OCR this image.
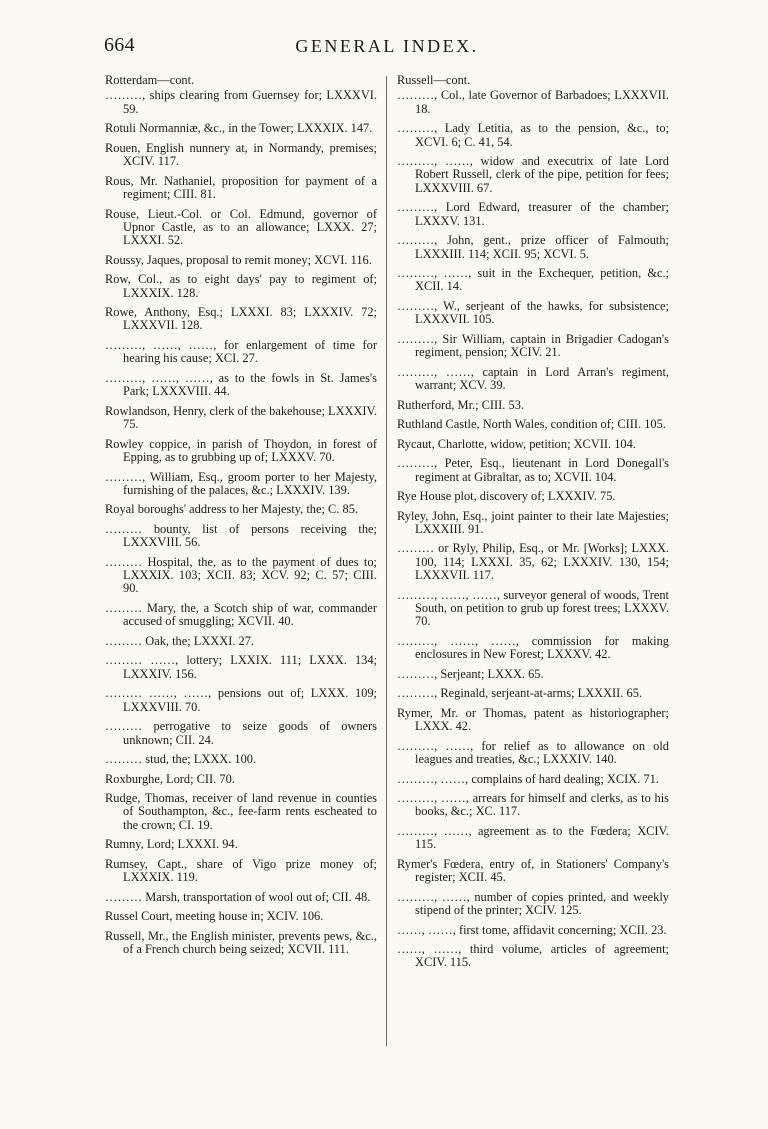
664	GENERAL INDEX.

Rotterdam—cont.

………, ships clearing from Guernsey for; LXXXVI. 59.

Rotuli Normanniæ, &c., in the Tower; LXXXIX. 147.

Rouen, English nunnery at, in Normandy, premises; XCIV. 117.

Rous, Mr. Nathaniel, proposition for payment of a regiment; CIII. 81.

Rouse, Lieut.-Col. or Col. Edmund, governor of Upnor Castle, as to an allowance; LXXX. 27; LXXXI. 52.

Roussy, Jaques, proposal to remit money; XCVI. 116.

Row, Col., as to eight days' pay to regiment of; LXXXIX. 128.

Rowe, Anthony, Esq.; LXXXI. 83; LXXXIV. 72; LXXXVII. 128.

………, ……, ……, for enlargement of time for hearing his cause; XCI. 27.

………, ……, ……, as to the fowls in St. James's Park; LXXXVIII. 44.

Rowlandson, Henry, clerk of the bakehouse; LXXXIV. 75.

Rowley coppice, in parish of Thoydon, in forest of Epping, as to grubbing up of; LXXXV. 70.

………, William, Esq., groom porter to her Majesty, furnishing of the palaces, &c.; LXXXIV. 139.

Royal boroughs' address to her Majesty, the; C. 85.

……… bounty, list of persons receiving the; LXXXVIII. 56.

……… Hospital, the, as to the payment of dues to; LXXXIX. 103; XCII. 83; XCV. 92; C. 57; CIII. 90.

……… Mary, the, a Scotch ship of war, commander accused of smuggling; XCVII. 40.

……… Oak, the; LXXXI. 27.

……… ……, lottery; LXXIX. 111; LXXX. 134; LXXXIV. 156.

……… ……, ……, pensions out of; LXXX. 109; LXXXVIII. 70.

……… perrogative to seize goods of owners unknown; CII. 24.

……… stud, the; LXXX. 100.

Roxburghe, Lord; CII. 70.

Rudge, Thomas, receiver of land revenue in counties of Southampton, &c., fee-farm rents escheated to the crown; CI. 19.

Rumny, Lord; LXXXI. 94.

Rumsey, Capt., share of Vigo prize money of; LXXXIX. 119.

……… Marsh, transportation of wool out of; CII. 48.

Russel Court, meeting house in; XCIV. 106.

Russell, Mr., the English minister, prevents pews, &c., of a French church being seized; XCVII. 111.

Russell—cont.

………, Col., late Governor of Barbadoes; LXXXVII. 18.

………, Lady Letitia, as to the pension, &c., to; XCVI. 6; C. 41, 54.

………, ……, widow and executrix of late Lord Robert Russell, clerk of the pipe, petition for fees; LXXXVIII. 67.

………, Lord Edward, treasurer of the chamber; LXXXV. 131.

………, John, gent., prize officer of Falmouth; LXXXIII. 114; XCII. 95; XCVI. 5.

………, ……, suit in the Exchequer, petition, &c.; XCII. 14.

………, W., serjeant of the hawks, for subsistence; LXXXVII. 105.

………, Sir William, captain in Brigadier Cadogan's regiment, pension; XCIV. 21.

………, ……, captain in Lord Arran's regiment, warrant; XCV. 39.

Rutherford, Mr.; CIII. 53.

Ruthland Castle, North Wales, condition of; CIII. 105.

Rycaut, Charlotte, widow, petition; XCVII. 104.

………, Peter, Esq., lieutenant in Lord Donegall's regiment at Gibraltar, as to; XCVII. 104.

Rye House plot, discovery of; LXXXIV. 75.

Ryley, John, Esq., joint painter to their late Majesties; LXXXIII. 91.

……… or Ryly, Philip, Esq., or Mr. [Works]; LXXX. 100, 114; LXXXI. 35, 62; LXXXIV. 130, 154; LXXXVII. 117.

………, ……, ……, surveyor general of woods, Trent South, on petition to grub up forest trees; LXXXV. 70.

………, ……, ……, commission for making enclosures in New Forest; LXXXV. 42.

………, Serjeant; LXXX. 65.

………, Reginald, serjeant-at-arms; LXXXII. 65.

Rymer, Mr. or Thomas, patent as historiographer; LXXX. 42.

………, ……, for relief as to allowance on old leagues and treaties, &c.; LXXXIV. 140.

………, ……, complains of hard dealing; XCIX. 71.

………, ……, arrears for himself and clerks, as to his books, &c.; XC. 117.

………, ……, agreement as to the Fœdera; XCIV. 115.

Rymer's Fœdera, entry of, in Stationers' Company's register; XCII. 45.

………, ……, number of copies printed, and weekly stipend of the printer; XCIV. 125.

……, ……, first tome, affidavit concerning; XCII. 23.

……, ……, third volume, articles of agreement; XCIV. 115.
